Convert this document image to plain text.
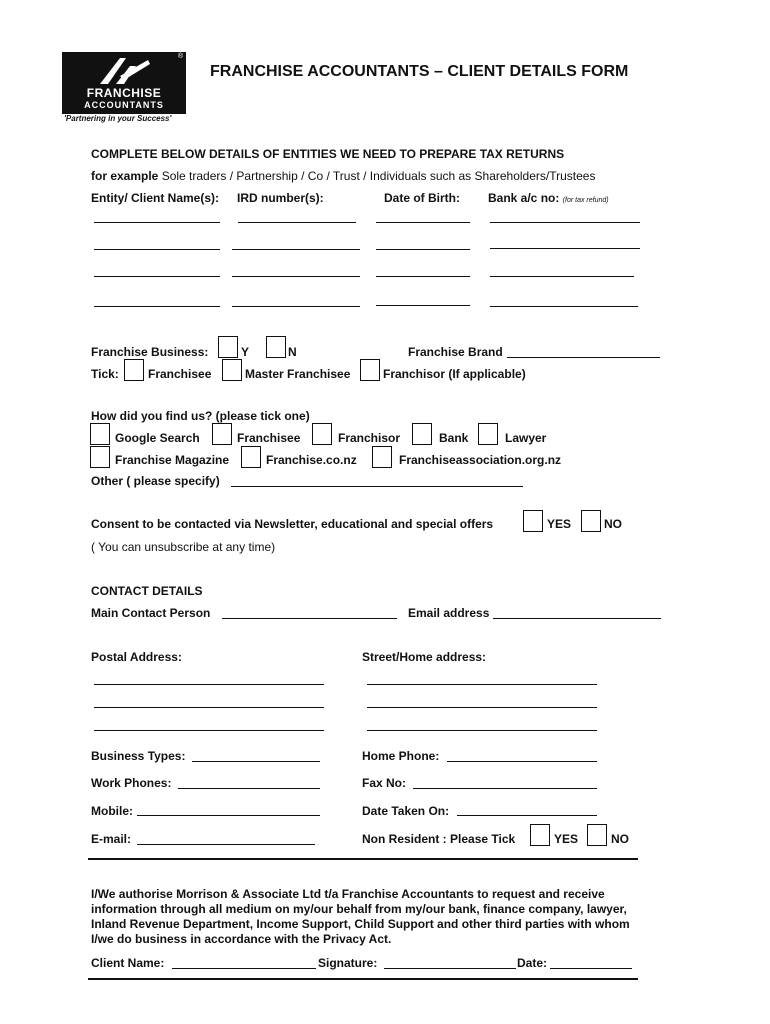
®
FRANCHISE
ACCOUNTANTS
'Partnering in your Success'
FRANCHISE ACCOUNTANTS – CLIENT DETAILS FORM
COMPLETE BELOW DETAILS OF ENTITIES WE NEED TO PREPARE TAX RETURNS
for example Sole traders / Partnership / Co / Trust / Individuals such as Shareholders/Trustees
Entity/ Client Name(s): IRD number(s):	Date of Birth: Bank a/c no: (for tax refund)
Franchise Business:	Y	N	Franchise Brand
Tick: Franchisee	Master Franchisee	Franchisor (If applicable)
How did you find us? (please tick one)
Google Search	Franchisee	Franchisor	Bank	Lawyer
Franchise Magazine	Franchise.co.nz	Franchiseassociation.org.nz
Other ( please specify)
Consent to be contacted via Newsletter, educational and special offers	YES	NO
( You can unsubscribe at any time)
CONTACT DETAILS
Main Contact Person	Email address
Postal Address:	Street/Home address:
Business Types:	Home Phone:
Work Phones:	Fax No:
Mobile:	Date Taken On:
E-mail:	Non Resident : Please Tick	YES	NO
I/We authorise Morrison & Associate Ltd t/a Franchise Accountants to request and receive
information through all medium on my/our behalf from my/our bank, finance company, lawyer,
Inland Revenue Department, Income Support, Child Support and other third parties with whom
I/we do business in accordance with the Privacy Act.
Client Name:	Signature:	Date:
